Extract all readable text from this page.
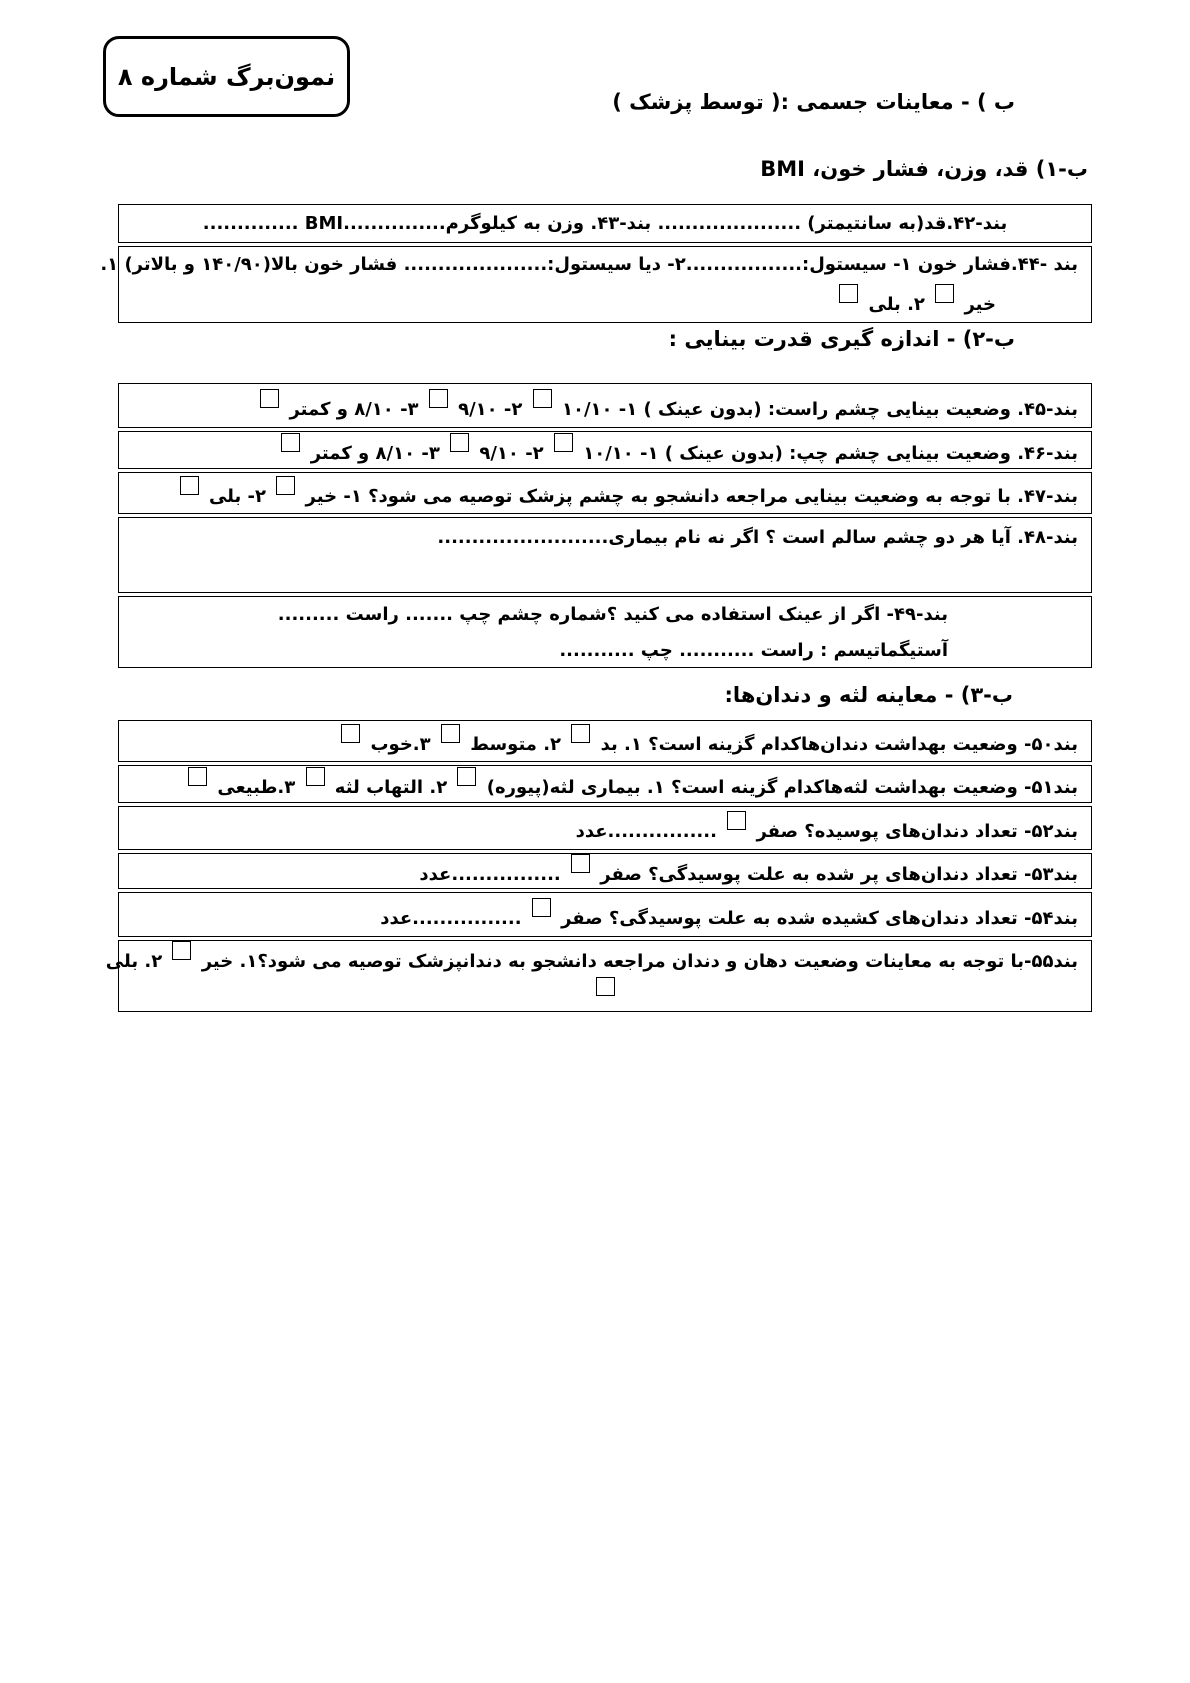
نمون‌برگ شماره ۸
ب ) - معاینات جسمی :( توسط پزشک )
ب-۱) قد، وزن، فشار خون، BMI
بند-۴۲.قد(به سانتیمتر) ..................... بند-۴۳. وزن به کیلوگرم...............BMI ..............
بند -۴۴.فشار خون ۱- سیستول:.................۲- دیا سیستول:..................... فشار خون بالا(۱۴۰/۹۰ و بالاتر) ۱.
خیر  ۲. بلی
ب-۲) - اندازه گیری قدرت بینایی :
بند-۴۵. وضعیت بینایی چشم راست: (بدون عینک ) ۱- ۱۰/۱۰  ۲- ۹/۱۰  ۳- ۸/۱۰ و کمتر
بند-۴۶. وضعیت بینایی چشم چپ: (بدون عینک ) ۱- ۱۰/۱۰  ۲- ۹/۱۰  ۳- ۸/۱۰ و کمتر
بند-۴۷. با توجه به وضعیت بینایی مراجعه دانشجو به چشم پزشک توصیه می شود؟ ۱- خیر  ۲- بلی
بند-۴۸. آیا هر دو چشم سالم است ؟ اگر نه نام بیماری.........................
بند-۴۹- اگر از عینک استفاده می کنید ؟شماره چشم چپ ....... راست .........
آستیگماتیسم : راست ........... چپ ...........
ب-۳) - معاینه لثه و دندان‌ها:
بند۵۰- وضعیت بهداشت دندان‌هاکدام گزینه است؟ ۱. بد  ۲. متوسط  ۳.خوب
بند۵۱- وضعیت بهداشت لثه‌هاکدام گزینه است؟ ۱. بیماری لثه(پیوره)  ۲. التهاب لثه  ۳.طبیعی
بند۵۲- تعداد دندان‌های پوسیده؟ صفر  ................عدد
بند۵۳- تعداد دندان‌های پر شده به علت پوسیدگی؟ صفر  ................عدد
بند۵۴- تعداد دندان‌های کشیده شده به علت پوسیدگی؟ صفر  ................عدد
بند۵۵-با توجه به معاینات وضعیت دهان و دندان مراجعه دانشجو به دندانپزشک توصیه می شود؟۱. خیر  ۲. بلی
